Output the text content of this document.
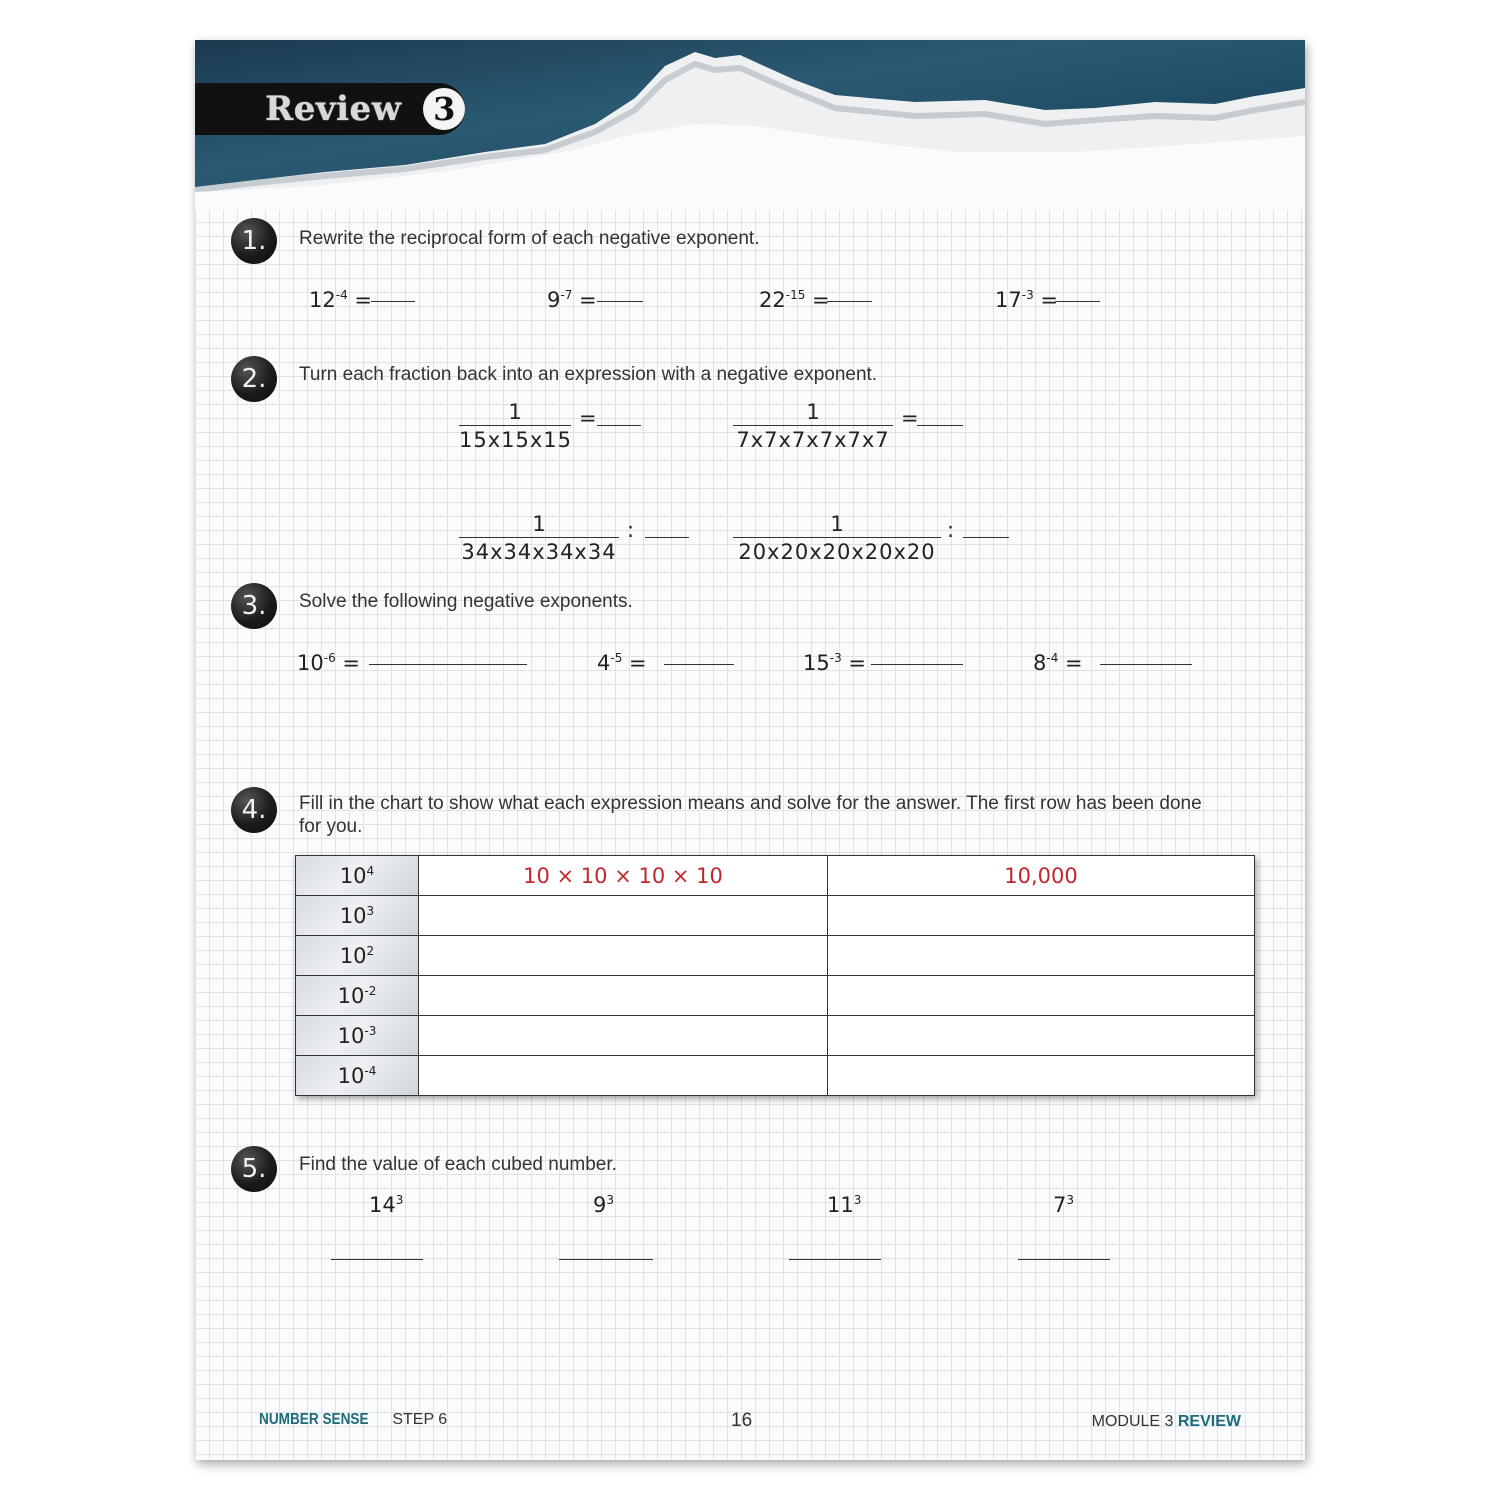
Review 3
1.	Rewrite the reciprocal form of each negative exponent.
$12^{-4}$ =	$9^{-7}$ =	$22^{-15}$ =	$17^{-3}$ =
2.	Turn each fraction back into an expression with a negative exponent.
1
15x15x15
=	1
7x7x7x7x7x7
=
1
34x34x34x34
:	1
20x20x20x20x20
:
3.	Solve the following negative exponents.
$10^{-6}$ =	$4^{-5}$ =	$15^{-3}$ =	$8^{-4}$ =
4.	Fill in the chart to show what each expression means and solve for the answer. The first row has been done
for you.
$10^4$	10 × 10 × 10 × 10	10,000
$10^3$		
$10^2$		
$10^{-2}$		
$10^{-3}$		
$10^{-4}$		
5.	Find the value of each cubed number.
$14^3$	$9^3$	$11^3$	$7^3$
NUMBER SENSE STEP 6	16	MODULE 3 REVIEW
